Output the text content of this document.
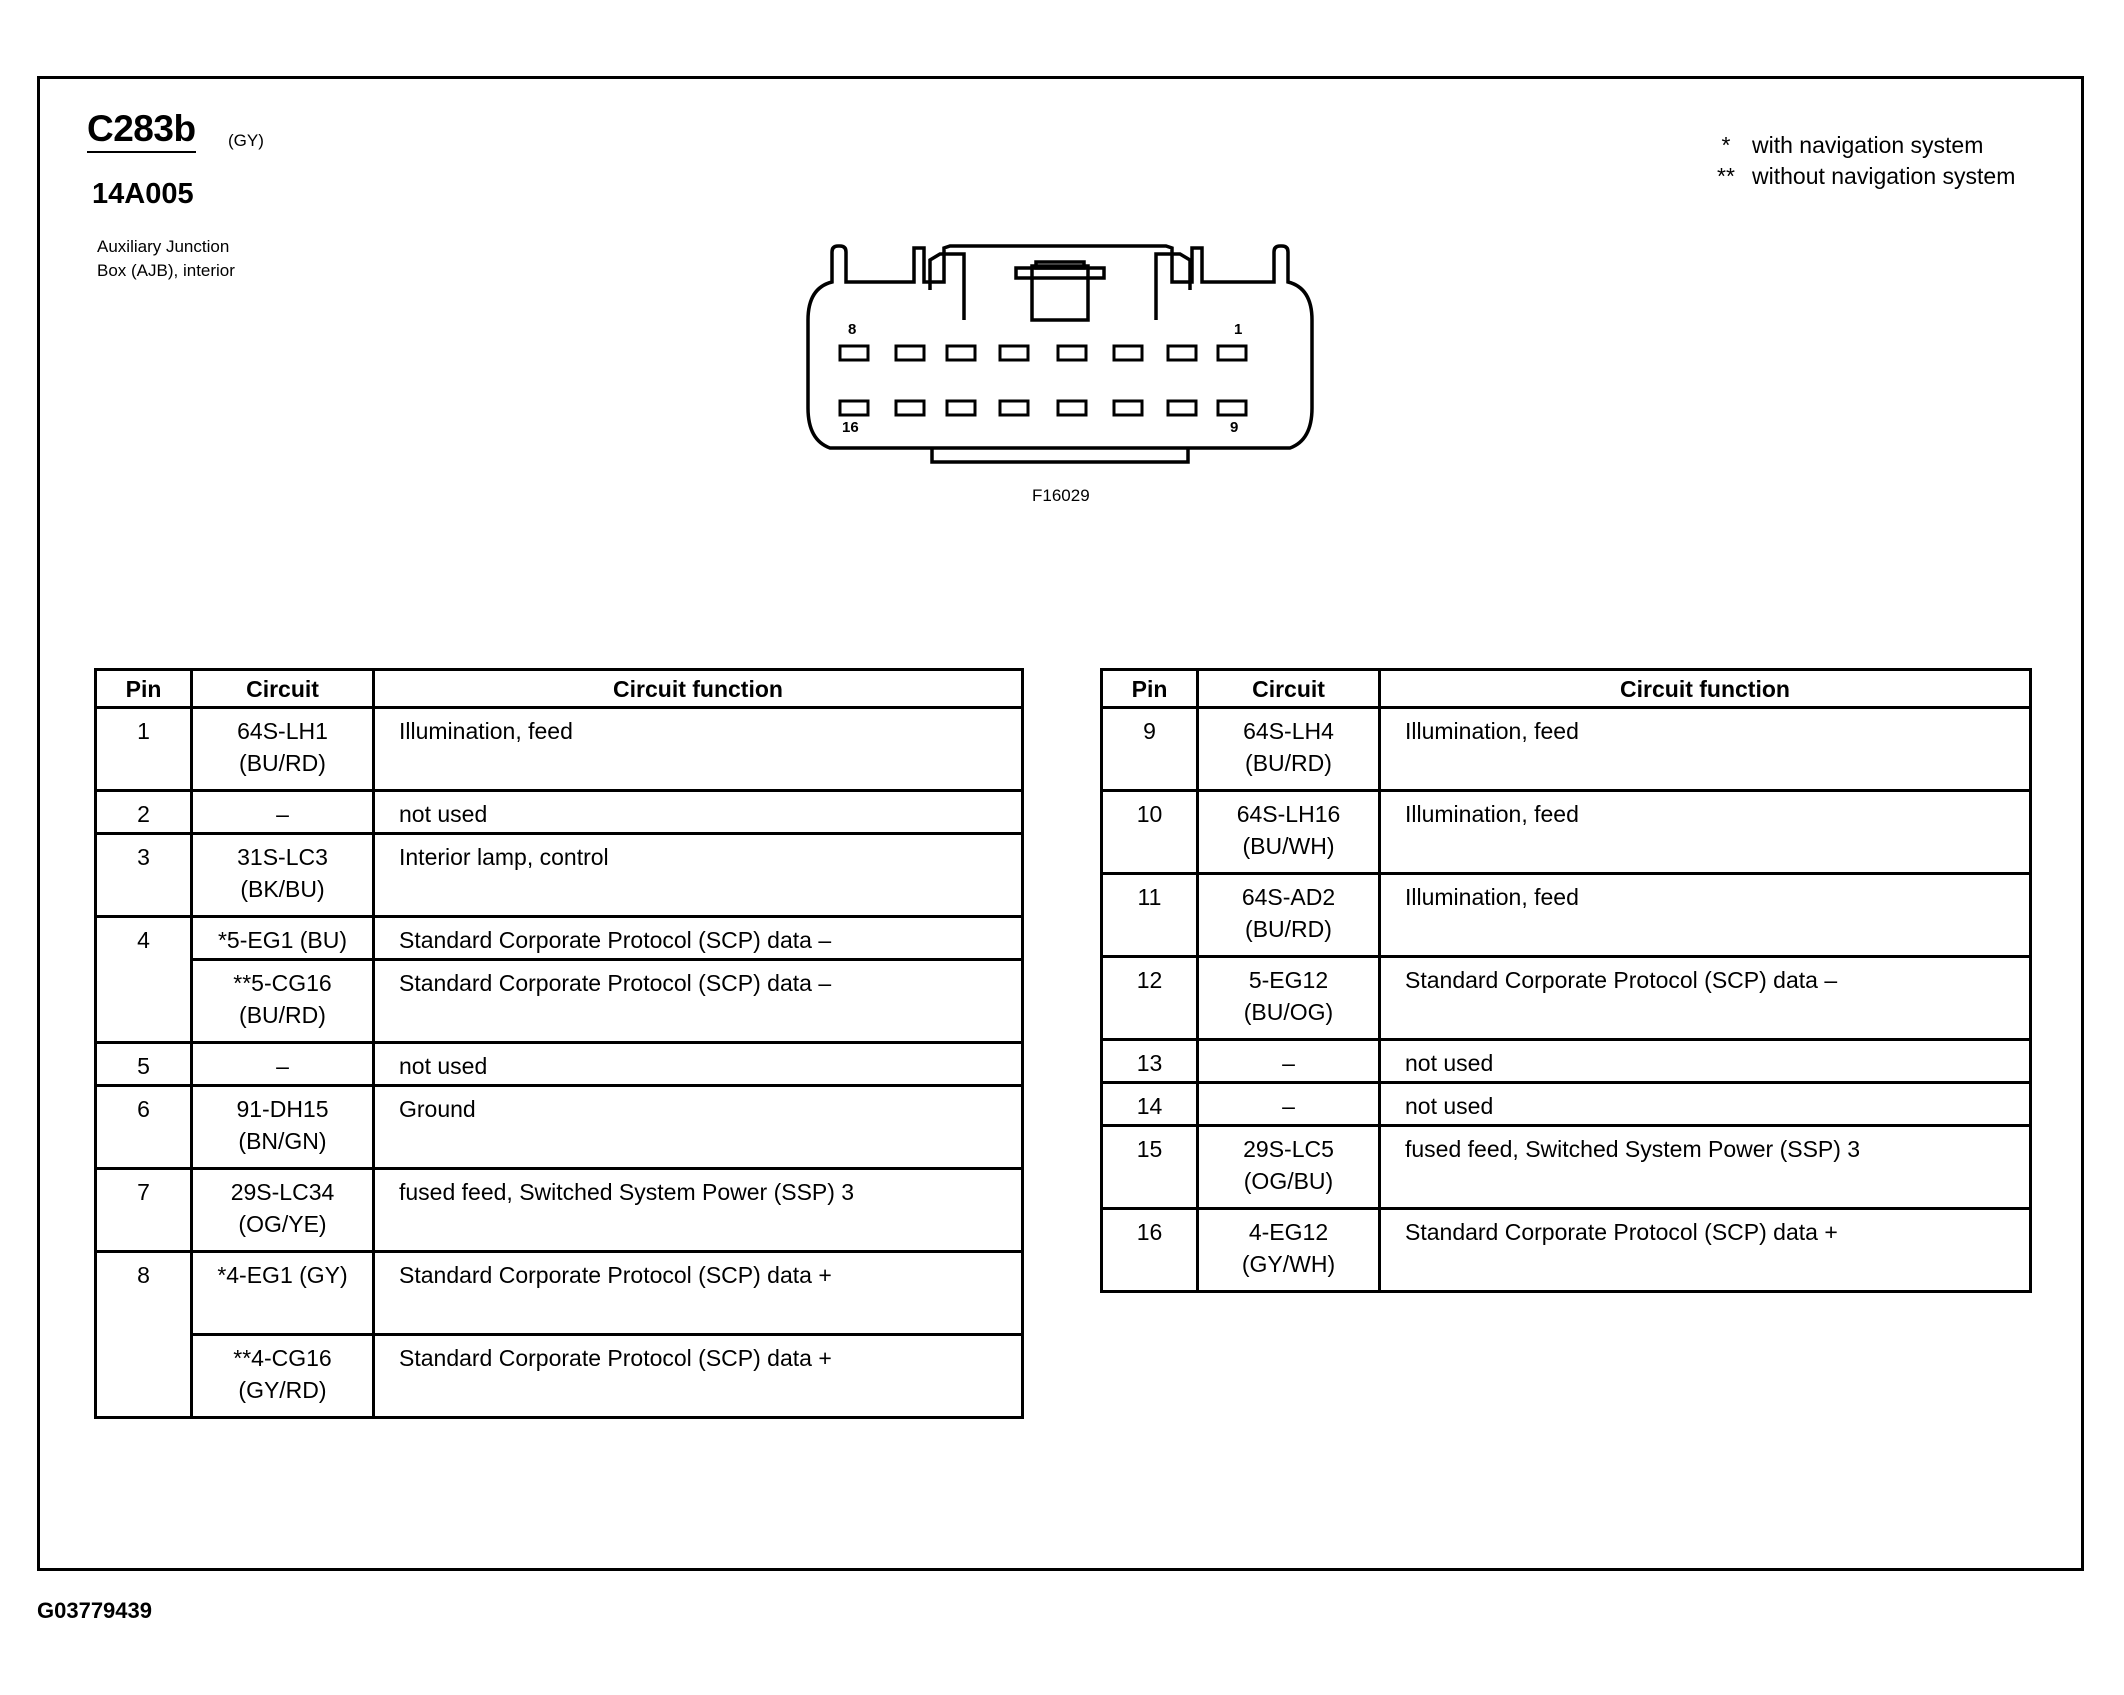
C283b (GY)
14A005
Auxiliary Junction
Box (AJB), interior
* with navigation system
** without navigation system
8	1
16	9
F16029
Pin	Circuit	Circuit function
1	64S-LH1
(BU/RD)	Illumination, feed
2	–	not used
3	31S-LC3
(BK/BU)	Interior lamp, control
4	*5-EG1 (BU)	Standard Corporate Protocol (SCP) data –

	**5-CG16
(BU/RD)	Standard Corporate Protocol (SCP) data –
5	–	not used
6	91-DH15
(BN/GN)	Ground
7	29S-LC34
(OG/YE)	fused feed, Switched System Power (SSP) 3
8	*4-EG1 (GY)	Standard Corporate Protocol (SCP) data +

	**4-CG16
(GY/RD)	Standard Corporate Protocol (SCP) data +
Pin	Circuit	Circuit function
9	64S-LH4
(BU/RD)	Illumination, feed
10	64S-LH16
(BU/WH)	Illumination, feed
11	64S-AD2
(BU/RD)	Illumination, feed
12	5-EG12
(BU/OG)	Standard Corporate Protocol (SCP) data –
13	–	not used
14	–	not used
15	29S-LC5
(OG/BU)	fused feed, Switched System Power (SSP) 3
16	4-EG12
(GY/WH)	Standard Corporate Protocol (SCP) data +
G03779439
